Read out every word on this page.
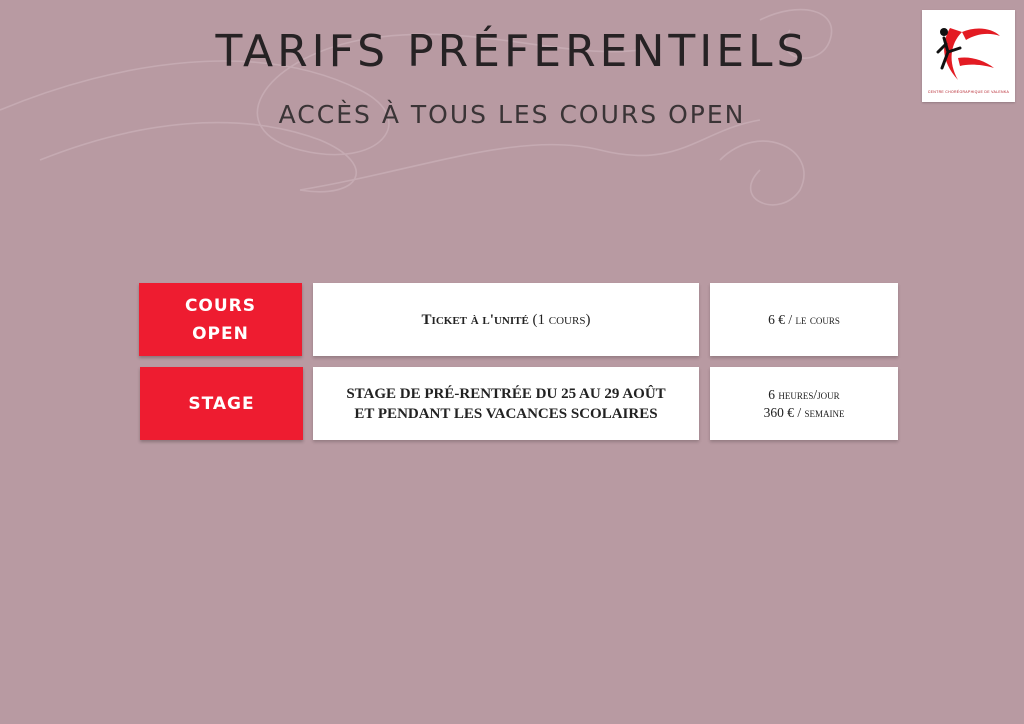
TARIFS PRÉFERENTIELS
ACCÈS À TOUS LES COURS OPEN
CENTRE CHORÉGRAPHIQUE DE VALENKA
COURS
OPEN
Ticket à l'unité (1 cours)	6 € / le cours
STAGE	STAGE DE PRÉ-RENTRÉE DU 25 AU 29 AOÛT
ET PENDANT LES VACANCES SCOLAIRES
6 heures/jour
360 € / semaine
